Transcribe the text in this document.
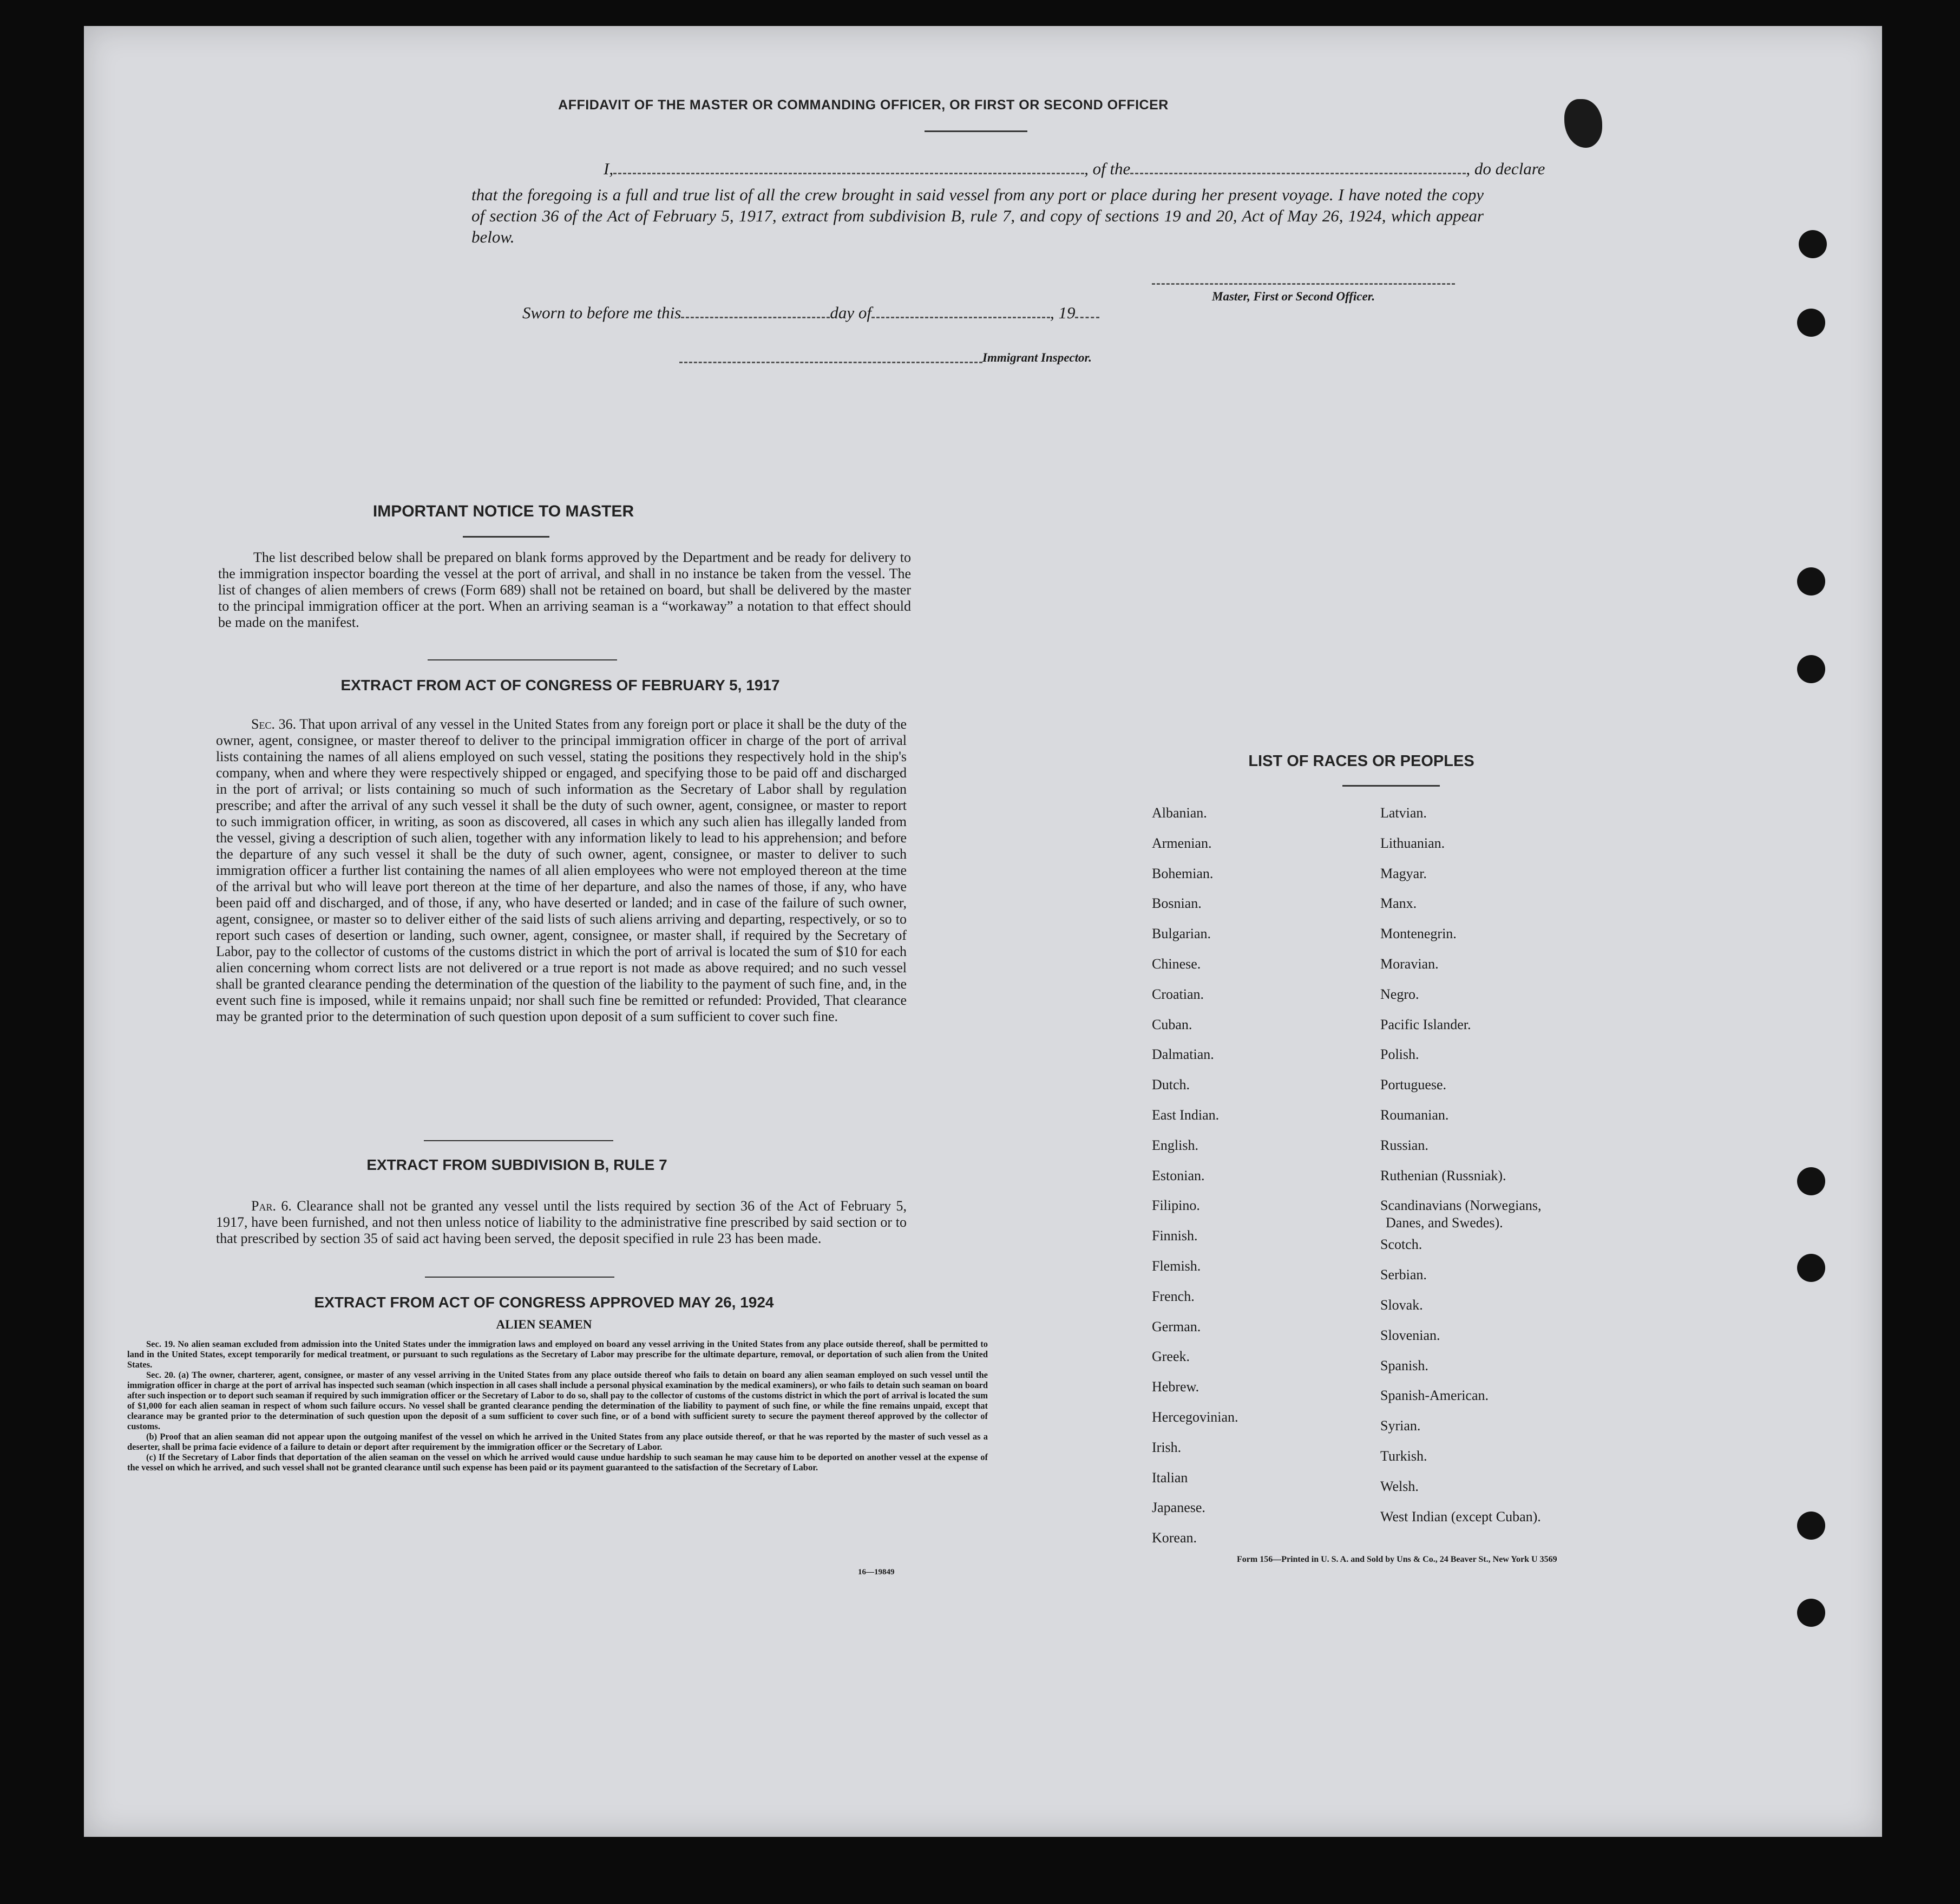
AFFIDAVIT OF THE MASTER OR COMMANDING OFFICER, OR FIRST OR SECOND OFFICER
I,	, of the	, do declare
that the foregoing is a full and true list of all the crew brought in said vessel from any port or place during her present voyage. I have noted the copy of section 36 of the Act of February 5, 1917, extract from subdivision B, rule 7, and copy of sections 19 and 20, Act of May 26, 1924, which appear below.
Master, First or Second Officer.
Sworn to before me this	day of	, 19
Immigrant Inspector.
IMPORTANT NOTICE TO MASTER
The list described below shall be prepared on blank forms approved by the Department and be ready for delivery to the immigration inspector boarding the vessel at the port of arrival, and shall in no instance be taken from the vessel. The list of changes of alien members of crews (Form 689) shall not be retained on board, but shall be delivered by the master to the principal immigration officer at the port. When an arriving seaman is a “workaway” a notation to that effect should be made on the manifest.
EXTRACT FROM ACT OF CONGRESS OF FEBRUARY 5, 1917
Sec. 36. That upon arrival of any vessel in the United States from any foreign port or place it shall be the duty of the owner, agent, consignee, or master thereof to deliver to the principal immigration officer in charge of the port of arrival lists containing the names of all aliens employed on such vessel, stating the positions they respectively hold in the ship's company, when and where they were respectively shipped or engaged, and specifying those to be paid off and discharged in the port of arrival; or lists containing so much of such information as the Secretary of Labor shall by regulation prescribe; and after the arrival of any such vessel it shall be the duty of such owner, agent, consignee, or master to report to such immigration officer, in writing, as soon as discovered, all cases in which any such alien has illegally landed from the vessel, giving a description of such alien, together with any information likely to lead to his apprehension; and before the departure of any such vessel it shall be the duty of such owner, agent, consignee, or master to deliver to such immigration officer a further list containing the names of all alien employees who were not employed thereon at the time of the arrival but who will leave port thereon at the time of her departure, and also the names of those, if any, who have been paid off and discharged, and of those, if any, who have deserted or landed; and in case of the failure of such owner, agent, consignee, or master so to deliver either of the said lists of such aliens arriving and departing, respectively, or so to report such cases of desertion or landing, such owner, agent, consignee, or master shall, if required by the Secretary of Labor, pay to the collector of customs of the customs district in which the port of arrival is located the sum of $10 for each alien concerning whom correct lists are not delivered or a true report is not made as above required; and no such vessel shall be granted clearance pending the determination of the question of the liability to the payment of such fine, and, in the event such fine is imposed, while it remains unpaid; nor shall such fine be remitted or refunded: Provided, That clearance may be granted prior to the determination of such question upon deposit of a sum sufficient to cover such fine.
EXTRACT FROM SUBDIVISION B, RULE 7
Par. 6. Clearance shall not be granted any vessel until the lists required by section 36 of the Act of February 5, 1917, have been furnished, and not then unless notice of liability to the administrative fine prescribed by said section or to that prescribed by section 35 of said act having been served, the deposit specified in rule 23 has been made.
EXTRACT FROM ACT OF CONGRESS APPROVED MAY 26, 1924
ALIEN SEAMEN
Sec. 19. No alien seaman excluded from admission into the United States under the immigration laws and employed on board any vessel arriving in the United States from any place outside thereof, shall be permitted to land in the United States, except temporarily for medical treatment, or pursuant to such regulations as the Secretary of Labor may prescribe for the ultimate departure, removal, or deportation of such alien from the United States.
Sec. 20. (a) The owner, charterer, agent, consignee, or master of any vessel arriving in the United States from any place outside thereof who fails to detain on board any alien seaman employed on such vessel until the immigration officer in charge at the port of arrival has inspected such seaman (which inspection in all cases shall include a personal physical examination by the medical examiners), or who fails to detain such seaman on board after such inspection or to deport such seaman if required by such immigration officer or the Secretary of Labor to do so, shall pay to the collector of customs of the customs district in which the port of arrival is located the sum of $1,000 for each alien seaman in respect of whom such failure occurs. No vessel shall be granted clearance pending the determination of the liability to payment of such fine, or while the fine remains unpaid, except that clearance may be granted prior to the determination of such question upon the deposit of a sum sufficient to cover such fine, or of a bond with sufficient surety to secure the payment thereof approved by the collector of customs.
(b) Proof that an alien seaman did not appear upon the outgoing manifest of the vessel on which he arrived in the United States from any place outside thereof, or that he was reported by the master of such vessel as a deserter, shall be prima facie evidence of a failure to detain or deport after requirement by the immigration officer or the Secretary of Labor.
(c) If the Secretary of Labor finds that deportation of the alien seaman on the vessel on which he arrived would cause undue hardship to such seaman he may cause him to be deported on another vessel at the expense of the vessel on which he arrived, and such vessel shall not be granted clearance until such expense has been paid or its payment guaranteed to the satisfaction of the Secretary of Labor.
16—19849
LIST OF RACES OR PEOPLES
Albanian.
Armenian.
Bohemian.
Bosnian.
Bulgarian.
Chinese.
Croatian.
Cuban.
Dalmatian.
Dutch.
East Indian.
English.
Estonian.
Filipino.
Finnish.
Flemish.
French.
German.
Greek.
Hebrew.
Hercegovinian.
Irish.
Italian
Japanese.
Korean.
Latvian.
Lithuanian.
Magyar.
Manx.
Montenegrin.
Moravian.
Negro.
Pacific Islander.
Polish.
Portuguese.
Roumanian.
Russian.
Ruthenian (Russniak).
Scandinavians (Norwegians,
Danes, and Swedes).
Scotch.
Serbian.
Slovak.
Slovenian.
Spanish.
Spanish-American.
Syrian.
Turkish.
Welsh.
West Indian (except Cuban).
Form 156—Printed in U. S. A. and Sold by Uns & Co., 24 Beaver St., New York U 3569
